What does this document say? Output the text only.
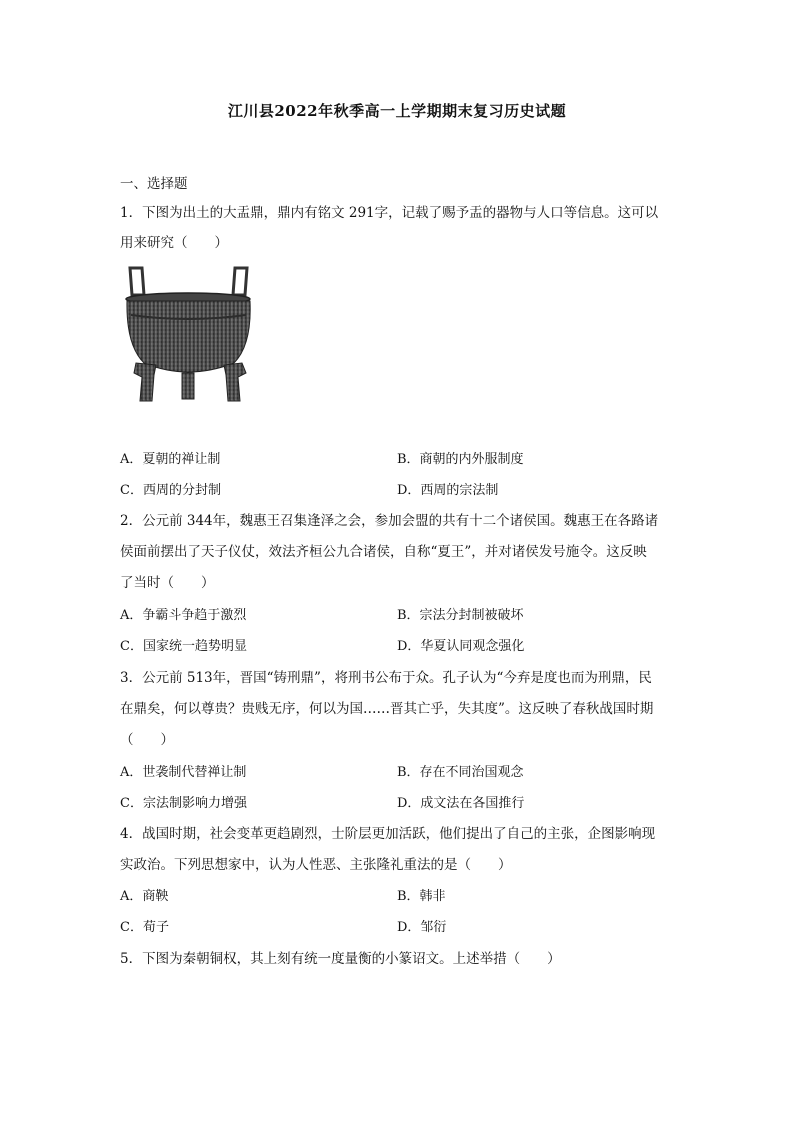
江川县2022年秋季高一上学期期末复习历史试题
一、选择题
1．下图为出土的大盂鼎，鼎内有铭文 291字，记载了赐予盂的器物与人口等信息。这可以
用来研究（　　）
A．夏朝的禅让制	B．商朝的内外服制度
C．西周的分封制	D．西周的宗法制
2．公元前 344年，魏惠王召集逢泽之会，参加会盟的共有十二个诸侯国。魏惠王在各路诸
侯面前摆出了天子仪仗，效法齐桓公九合诸侯，自称“夏王”，并对诸侯发号施令。这反映
了当时（　　）
A．争霸斗争趋于激烈	B．宗法分封制被破坏
C．国家统一趋势明显	D．华夏认同观念强化
3．公元前 513年，晋国“铸刑鼎”，将刑书公布于众。孔子认为“今弃是度也而为刑鼎，民
在鼎矣，何以尊贵？贵贱无序，何以为国……晋其亡乎，失其度”。这反映了春秋战国时期
（　　）
A．世袭制代替禅让制	B．存在不同治国观念
C．宗法制影响力增强	D．成文法在各国推行
4．战国时期，社会变革更趋剧烈，士阶层更加活跃，他们提出了自己的主张，企图影响现
实政治。下列思想家中，认为人性恶、主张隆礼重法的是（　　）
A．商鞅	B．韩非
C．荀子	D．邹衍
5．下图为秦朝铜权，其上刻有统一度量衡的小篆诏文。上述举措（　　）
